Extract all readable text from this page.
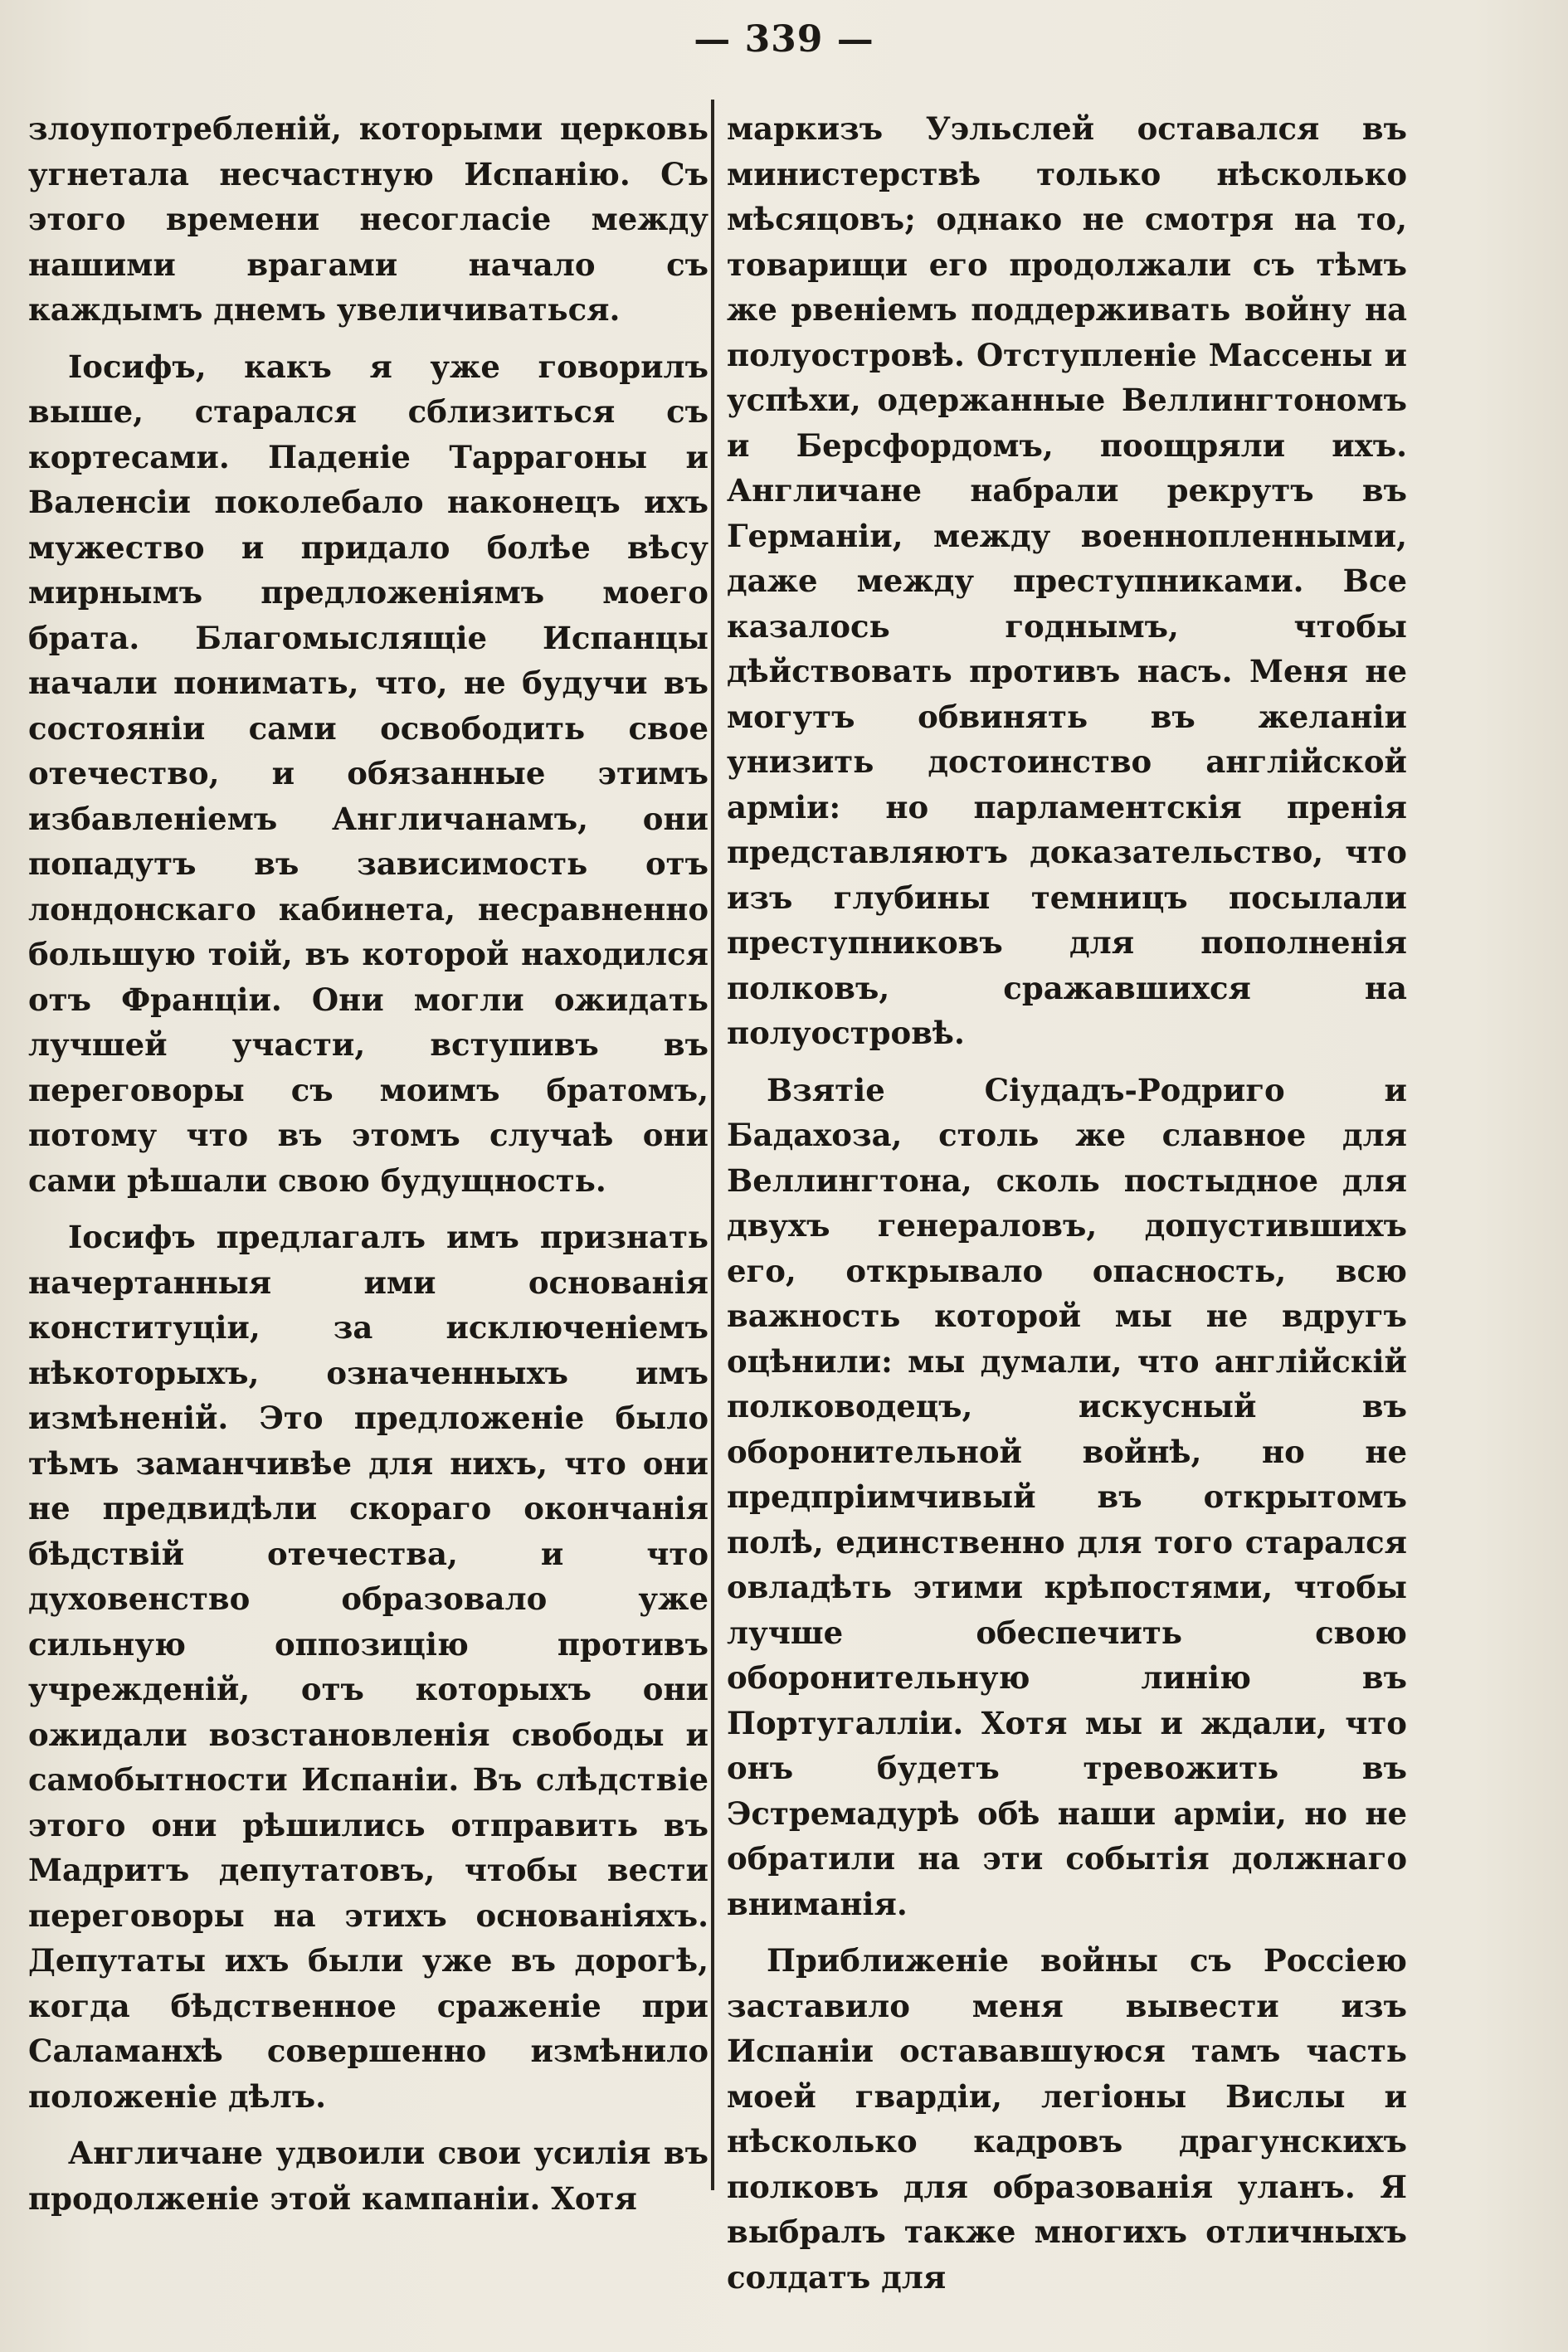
— 339 —

злоупотребленiй, которыми церковь угнетала несчастную Испанiю. Съ этого времени несогласiе между нашими врагами начало съ каждымъ днемъ увеличиваться.

Iосифъ, какъ я уже говорилъ выше, старался сблизиться съ кортесами. Паденiе Таррагоны и Валенсiи поколебало наконецъ ихъ мужество и придало болѣе вѣсу мирнымъ предложенiямъ моего брата. Благомыслящiе Испанцы начали понимать, что, не будучи въ состоянiи сами освободить свое отечество, и обязанные этимъ избавленiемъ Англичанамъ, они попадутъ въ зависимость отъ лондонскаго кабинета, несравненно большую тоiй, въ которой находился отъ Францiи. Они могли ожидать лучшей участи, вступивъ въ переговоры съ моимъ братомъ, потому что въ этомъ случаѣ они сами рѣшали свою будущность.

Iосифъ предлагалъ имъ признать начертанныя ими основанiя конституцiи, за исключенiемъ нѣкоторыхъ, означенныхъ имъ измѣненiй. Это предложенiе было тѣмъ заманчивѣе для нихъ, что они не предвидѣли скораго окончанiя бѣдствiй отечества, и что духовенство образовало уже сильную оппозицiю противъ учрежденiй, отъ которыхъ они ожидали возстановленiя свободы и самобытности Испанiи. Въ слѣдствiе этого они рѣшились отправить въ Мадритъ депутатовъ, чтобы вести переговоры на этихъ основанiяхъ. Депутаты ихъ были уже въ дорогѣ, когда бѣдственное сраженiе при Саламанхѣ совершенно измѣнило положенiе дѣлъ.

Англичане удвоили свои усилiя въ продолженiе этой кампанiи. Хотя

маркизъ Уэльслей оставался въ министерствѣ только нѣсколько мѣсяцовъ; однако не смотря на то, товарищи его продолжали съ тѣмъ же рвенiемъ поддерживать войну на полуостровѣ. Отступленiе Массены и успѣхи, одержанные Веллингтономъ и Берсфордомъ, поощряли ихъ. Англичане набрали рекрутъ въ Германiи, между военнопленными, даже между преступниками. Все казалось годнымъ, чтобы дѣйствовать противъ насъ. Меня не могутъ обвинять въ желанiи унизить достоинство англiйской армiи: но парламентскiя пренiя представляютъ доказательство, что изъ глубины темницъ посылали преступниковъ для пополненiя полковъ, сражавшихся на полуостровѣ.

Взятiе Сiудадъ-Родриго и Бадахоза, столь же славное для Веллингтона, сколь постыдное для двухъ генераловъ, допустившихъ его, открывало опасность, всю важность которой мы не вдругъ оцѣнили: мы думали, что англiйскiй полководецъ, искусный въ оборонительной войнѣ, но не предпрiимчивый въ открытомъ полѣ, единственно для того старался овладѣть этими крѣпостями, чтобы лучше обеспечить свою оборонительную линiю въ Португаллiи. Хотя мы и ждали, что онъ будетъ тревожить въ Эстремадурѣ обѣ наши армiи, но не обратили на эти событiя должнаго вниманiя.

Приближенiе войны съ Россiею заставило меня вывести изъ Испанiи остававшуюся тамъ часть моей гвардiи, легiоны Вислы и нѣсколько кадровъ драгунскихъ полковъ для образованiя уланъ. Я выбралъ также многихъ отличныхъ солдатъ для
